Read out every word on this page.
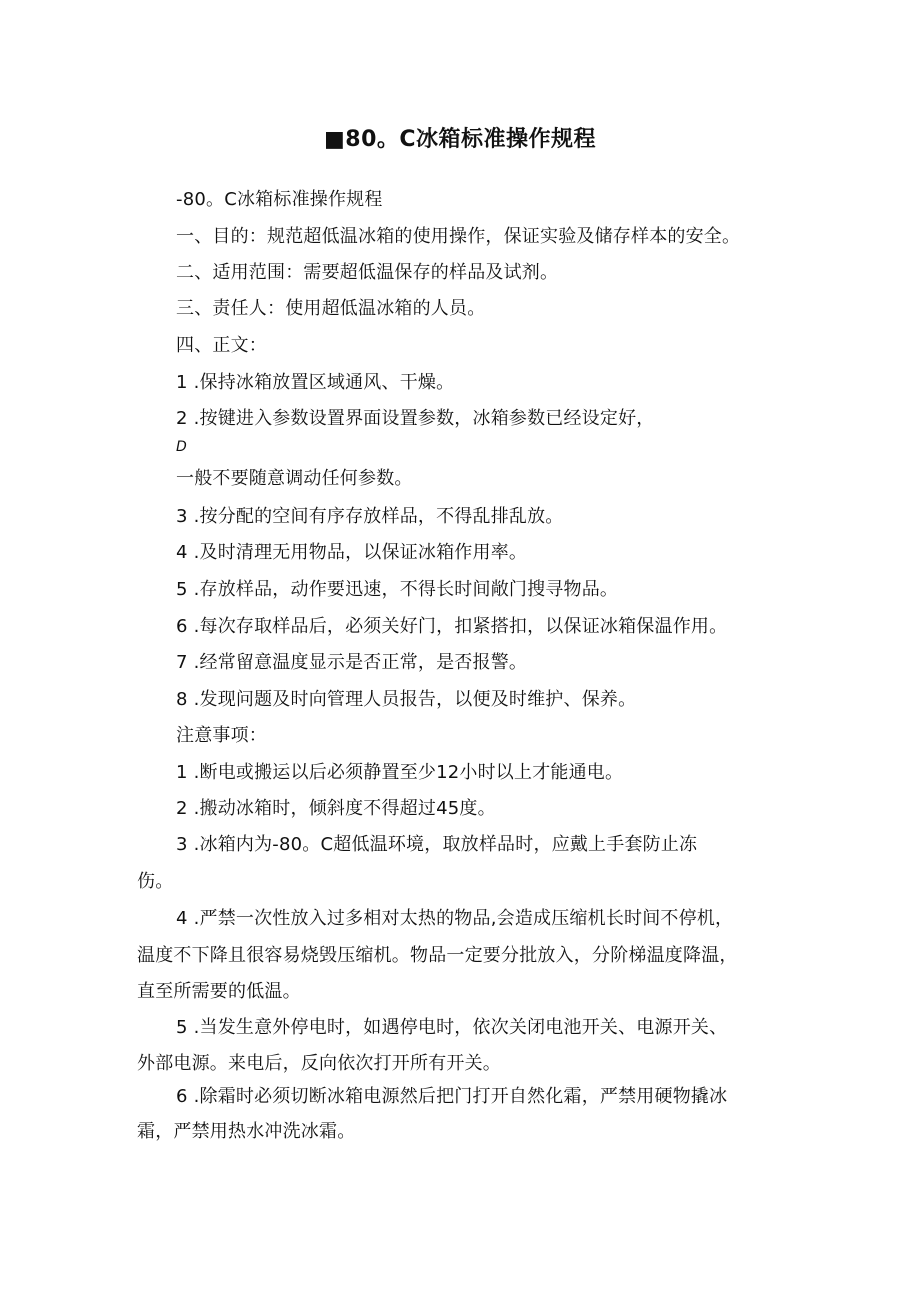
■80。C冰箱标准操作规程
-80。C冰箱标准操作规程
一、目的：规范超低温冰箱的使用操作，保证实验及储存样本的安全。
二、适用范围：需要超低温保存的样品及试剂。
三、责任人：使用超低温冰箱的人员。
四、正文：
1 .保持冰箱放置区域通风、干燥。
2 .按键进入参数设置界面设置参数，冰箱参数已经设定好，
D
一般不要随意调动任何参数。
3 .按分配的空间有序存放样品，不得乱排乱放。
4 .及时清理无用物品，以保证冰箱作用率。
5 .存放样品，动作要迅速，不得长时间敞门搜寻物品。
6 .每次存取样品后，必须关好门，扣紧搭扣，以保证冰箱保温作用。
7 .经常留意温度显示是否正常，是否报警。
8 .发现问题及时向管理人员报告，以便及时维护、保养。
注意事项：
1 .断电或搬运以后必须静置至少12小时以上才能通电。
2 .搬动冰箱时，倾斜度不得超过45度。
3 .冰箱内为-80。C超低温环境，取放样品时，应戴上手套防止冻
伤。
4 .严禁一次性放入过多相对太热的物品,会造成压缩机长时间不停机，
温度不下降且很容易烧毁压缩机。物品一定要分批放入，分阶梯温度降温，
直至所需要的低温。
5 .当发生意外停电时，如遇停电时，依次关闭电池开关、电源开关、
外部电源。来电后，反向依次打开所有开关。
6 .除霜时必须切断冰箱电源然后把门打开自然化霜，严禁用硬物撬冰
霜，严禁用热水冲洗冰霜。
